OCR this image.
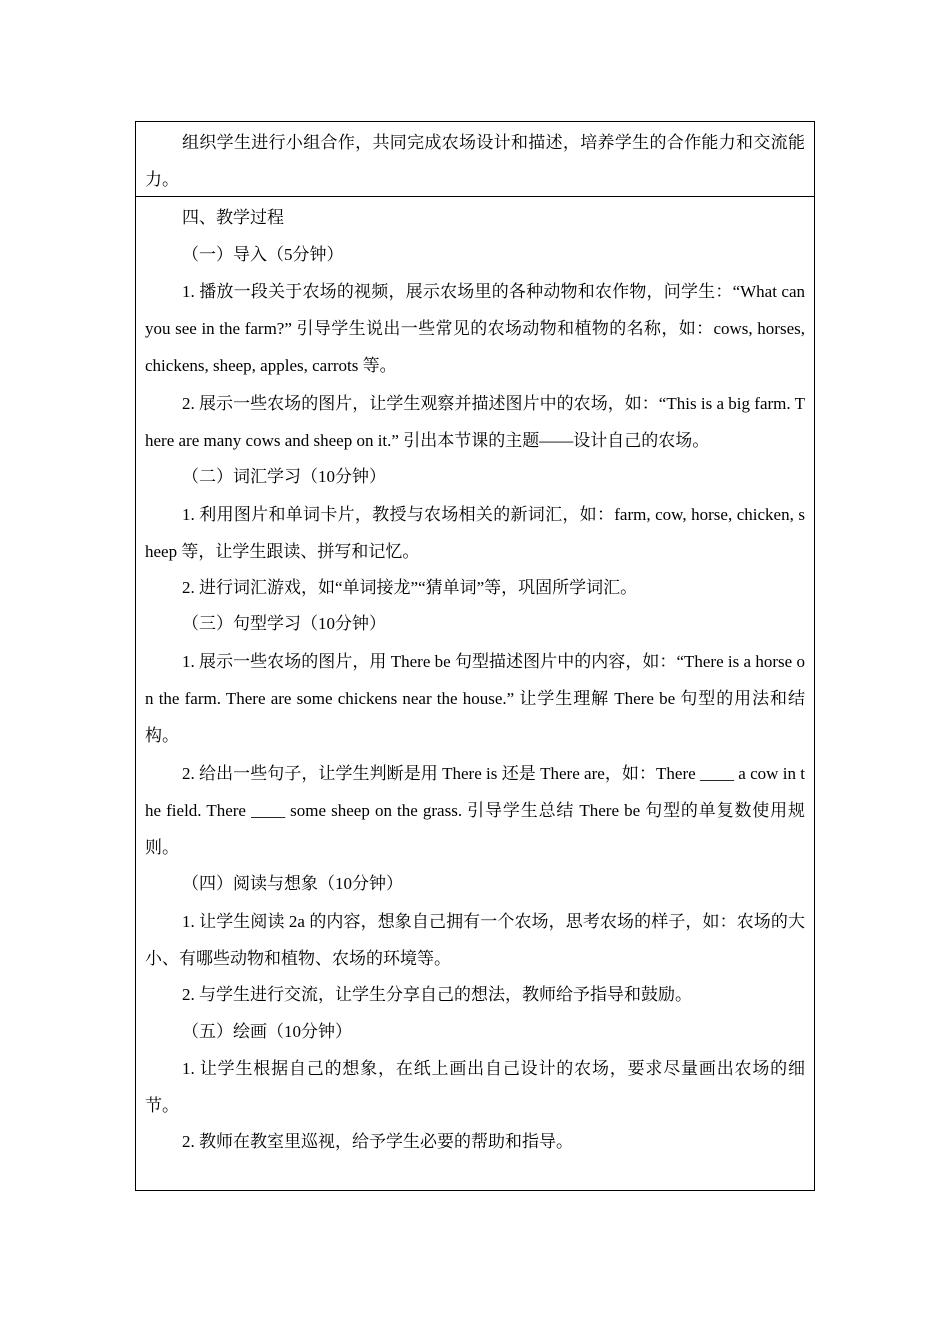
组织学生进行小组合作，共同完成农场设计和描述，培养学生的合作能力和交流能力。

四、教学过程

（一）导入（5分钟）

1. 播放一段关于农场的视频，展示农场里的各种动物和农作物，问学生：“What can you see in the farm?” 引导学生说出一些常见的农场动物和植物的名称，如：cows, horses, chickens, sheep, apples, carrots 等。

2. 展示一些农场的图片，让学生观察并描述图片中的农场，如：“This is a big farm. There are many cows and sheep on it.” 引出本节课的主题——设计自己的农场。

（二）词汇学习（10分钟）

1. 利用图片和单词卡片，教授与农场相关的新词汇，如：farm, cow, horse, chicken, sheep 等，让学生跟读、拼写和记忆。

2. 进行词汇游戏，如“单词接龙”“猜单词”等，巩固所学词汇。

（三）句型学习（10分钟）

1. 展示一些农场的图片，用 There be 句型描述图片中的内容，如：“There is a horse on the farm. There are some chickens near the house.” 让学生理解 There be 句型的用法和结构。

2. 给出一些句子，让学生判断是用 There is 还是 There are，如：There ____ a cow in the field. There ____ some sheep on the grass. 引导学生总结 There be 句型的单复数使用规则。

（四）阅读与想象（10分钟）

1. 让学生阅读 2a 的内容，想象自己拥有一个农场，思考农场的样子，如：农场的大小、有哪些动物和植物、农场的环境等。

2. 与学生进行交流，让学生分享自己的想法，教师给予指导和鼓励。

（五）绘画（10分钟）

1. 让学生根据自己的想象，在纸上画出自己设计的农场，要求尽量画出农场的细节。

2. 教师在教室里巡视，给予学生必要的帮助和指导。
